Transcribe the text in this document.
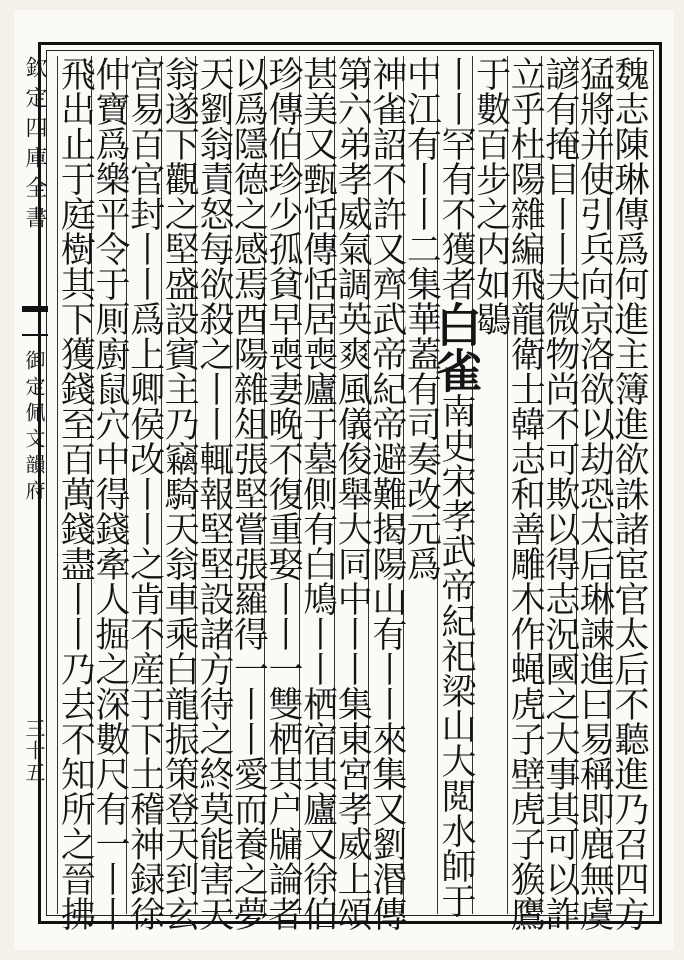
欽定四庫全書
御定佩文韻府
三十五	魏志陳琳傳爲何進主簿進欲誅諸宦官太后不聽進乃召四方
猛將并使引兵向京洛欲以劫恐太后琳諫進曰易稱即鹿無虞
諺有掩目丨丨夫微物尚不可欺以得志況國之大事其可以詐
立乎杜陽雜編飛龍衛士韓志和善雕木作蝇虎子壁虎子㺅鷹
于數百步之内如鶡
丨丨罕有不獲者白雀南史宋孝武帝紀祀梁山大閲水師于
中江有丨丨二集華蓋有司奏改元爲
神雀詔不許又齊武帝紀帝避難揭陽山有丨丨來集又劉湣傳
第六弟孝威氣調英爽風儀俊舉大同中丨丨集東宮孝威上頌
甚美又甄恬傳恬居喪廬于墓側有白鳩丨丨栖宿其廬又徐伯
珍傳伯珍少孤貧早喪妻晚不復重娶丨丨一雙栖其户牖論者
以爲隱德之感焉酉陽雜俎張堅嘗張羅得一丨丨愛而養之夢
天劉翁責怒每欲殺之丨丨輒報堅堅設諸方待之終莫能害天
翁遂下觀之堅盛設賓主乃竊騎天翁車乘白龍振策登天到玄
宫易百官封丨丨爲上卿侯改丨丨之肯不産于下土稽神録徐
仲寶爲樂平令于厠廚鼠穴中得錢牽人掘之深數尺有一丨丨
飛出止于庭樹其下獲錢至百萬錢盡丨丨乃去不知所之晉拂
